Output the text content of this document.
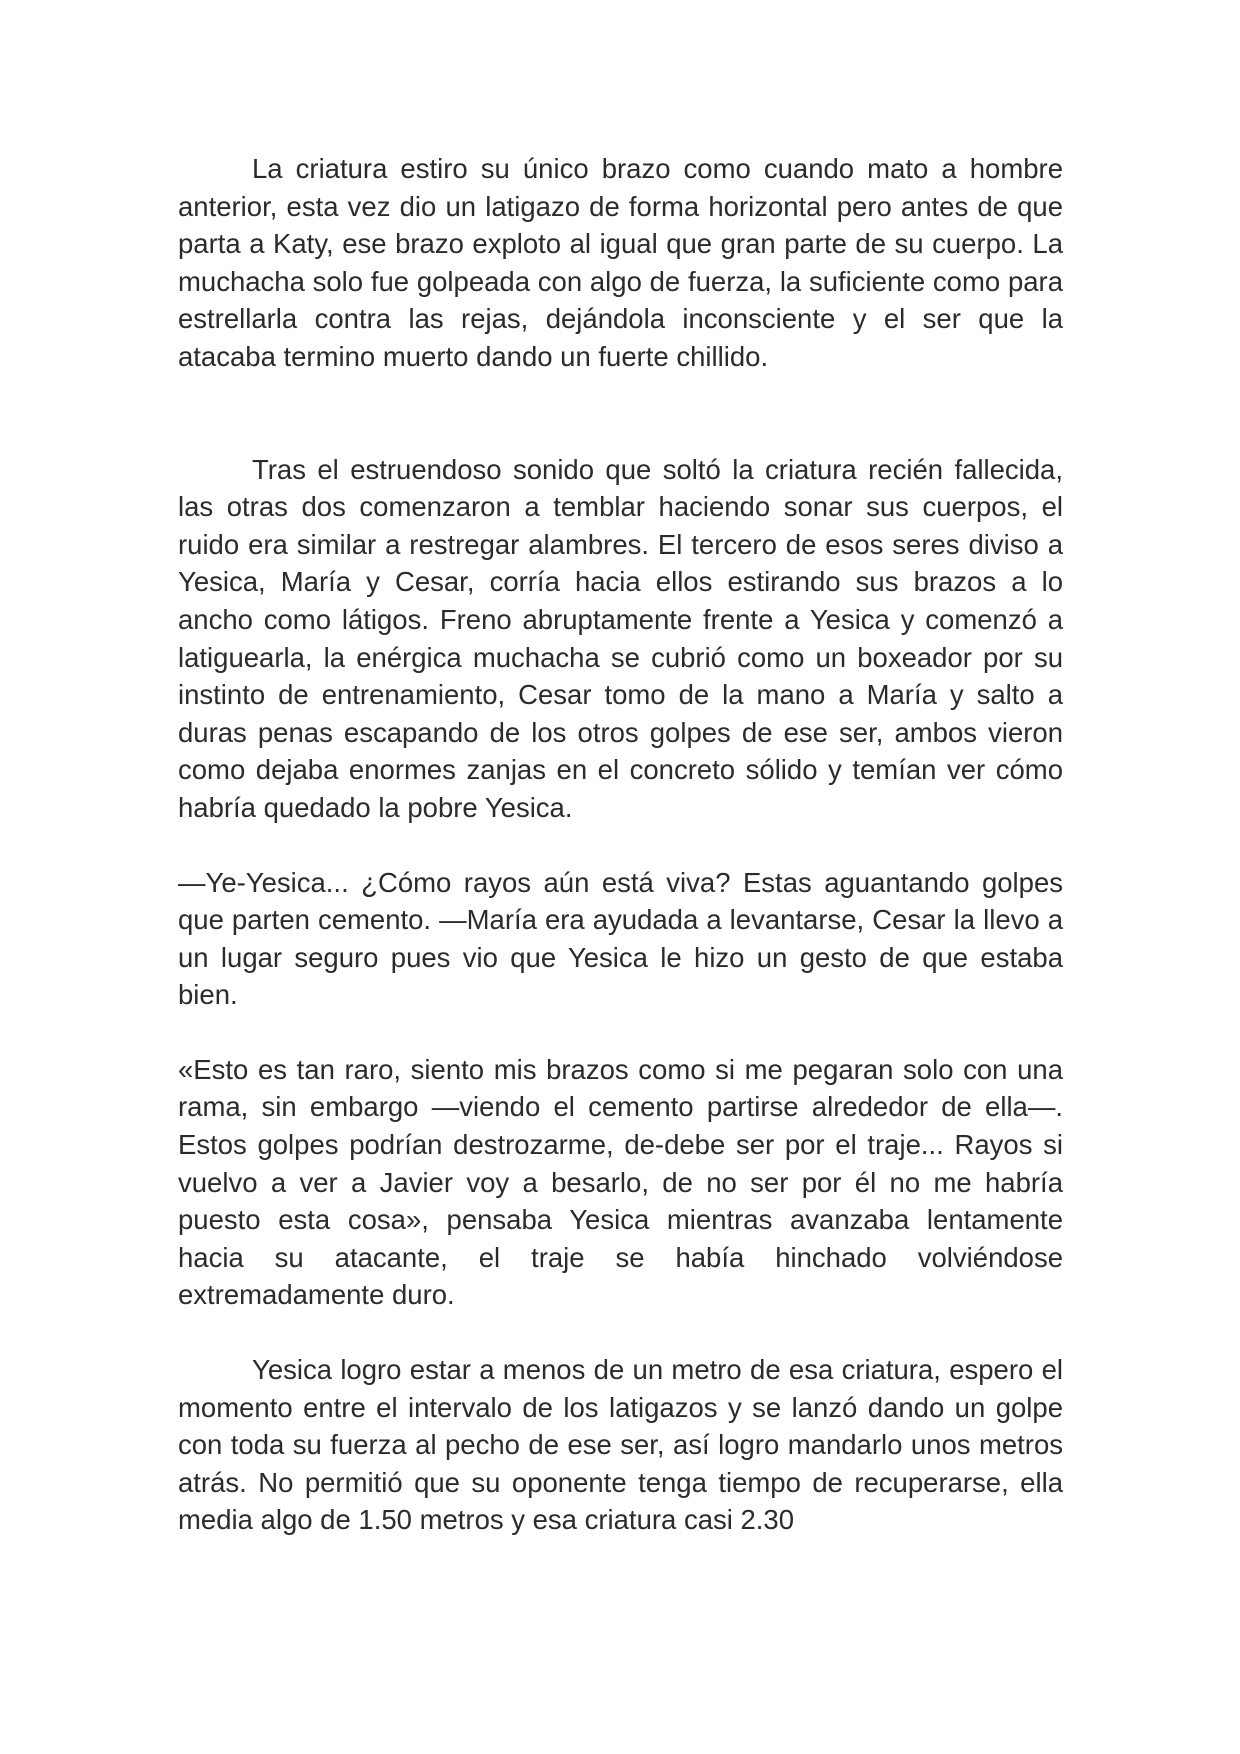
La criatura estiro su único brazo como cuando mato a hombre anterior, esta vez dio un latigazo de forma horizontal pero antes de que parta a Katy, ese brazo exploto al igual que gran parte de su cuerpo. La muchacha solo fue golpeada con algo de fuerza, la suficiente como para estrellarla contra las rejas, dejándola inconsciente y el ser que la atacaba termino muerto dando un fuerte chillido.

Tras el estruendoso sonido que soltó la criatura recién fallecida, las otras dos comenzaron a temblar haciendo sonar sus cuerpos, el ruido era similar a restregar alambres. El tercero de esos seres diviso a Yesica, María y Cesar, corría hacia ellos estirando sus brazos a lo ancho como látigos. Freno abruptamente frente a Yesica y comenzó a latiguearla, la enérgica muchacha se cubrió como un boxeador por su instinto de entrenamiento, Cesar tomo de la mano a María y salto a duras penas escapando de los otros golpes de ese ser, ambos vieron como dejaba enormes zanjas en el concreto sólido y temían ver cómo habría quedado la pobre Yesica.

—Ye-Yesica... ¿Cómo rayos aún está viva? Estas aguantando golpes que parten cemento. —María era ayudada a levantarse, Cesar la llevo a un lugar seguro pues vio que Yesica le hizo un gesto de que estaba bien.

«Esto es tan raro, siento mis brazos como si me pegaran solo con una rama, sin embargo —viendo el cemento partirse alrededor de ella—. Estos golpes podrían destrozarme, de-debe ser por el traje... Rayos si vuelvo a ver a Javier voy a besarlo, de no ser por él no me habría puesto esta cosa», pensaba Yesica mientras avanzaba lentamente hacia su atacante, el traje se había hinchado volviéndose extremadamente duro.

Yesica logro estar a menos de un metro de esa criatura, espero el momento entre el intervalo de los latigazos y se lanzó dando un golpe con toda su fuerza al pecho de ese ser, así logro mandarlo unos metros atrás. No permitió que su oponente tenga tiempo de recuperarse, ella media algo de 1.50 metros y esa criatura casi 2.30
